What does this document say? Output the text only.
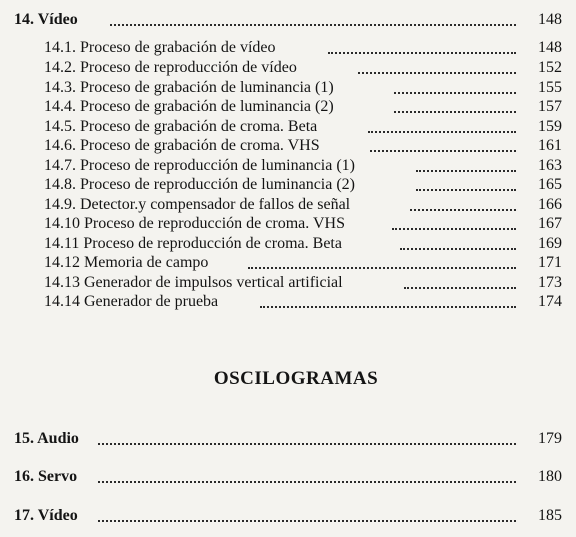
14. Vídeo	148
14.1. Proceso de grabación de vídeo	148
14.2. Proceso de reproducción de vídeo	152
14.3. Proceso de grabación de luminancia (1)	155
14.4. Proceso de grabación de luminancia (2)	157
14.5. Proceso de grabación de croma. Beta	159
14.6. Proceso de grabación de croma. VHS	161
14.7. Proceso de reproducción de luminancia (1)	163
14.8. Proceso de reproducción de luminancia (2)	165
14.9. Detector.y compensador de fallos de señal	166
14.10 Proceso de reproducción de croma. VHS	167
14.11 Proceso de reproducción de croma. Beta	169
14.12 Memoria de campo	171
14.13 Generador de impulsos vertical artificial	173
14.14 Generador de prueba	174
OSCILOGRAMAS
15. Audio	179
16. Servo	180
17. Vídeo	185
